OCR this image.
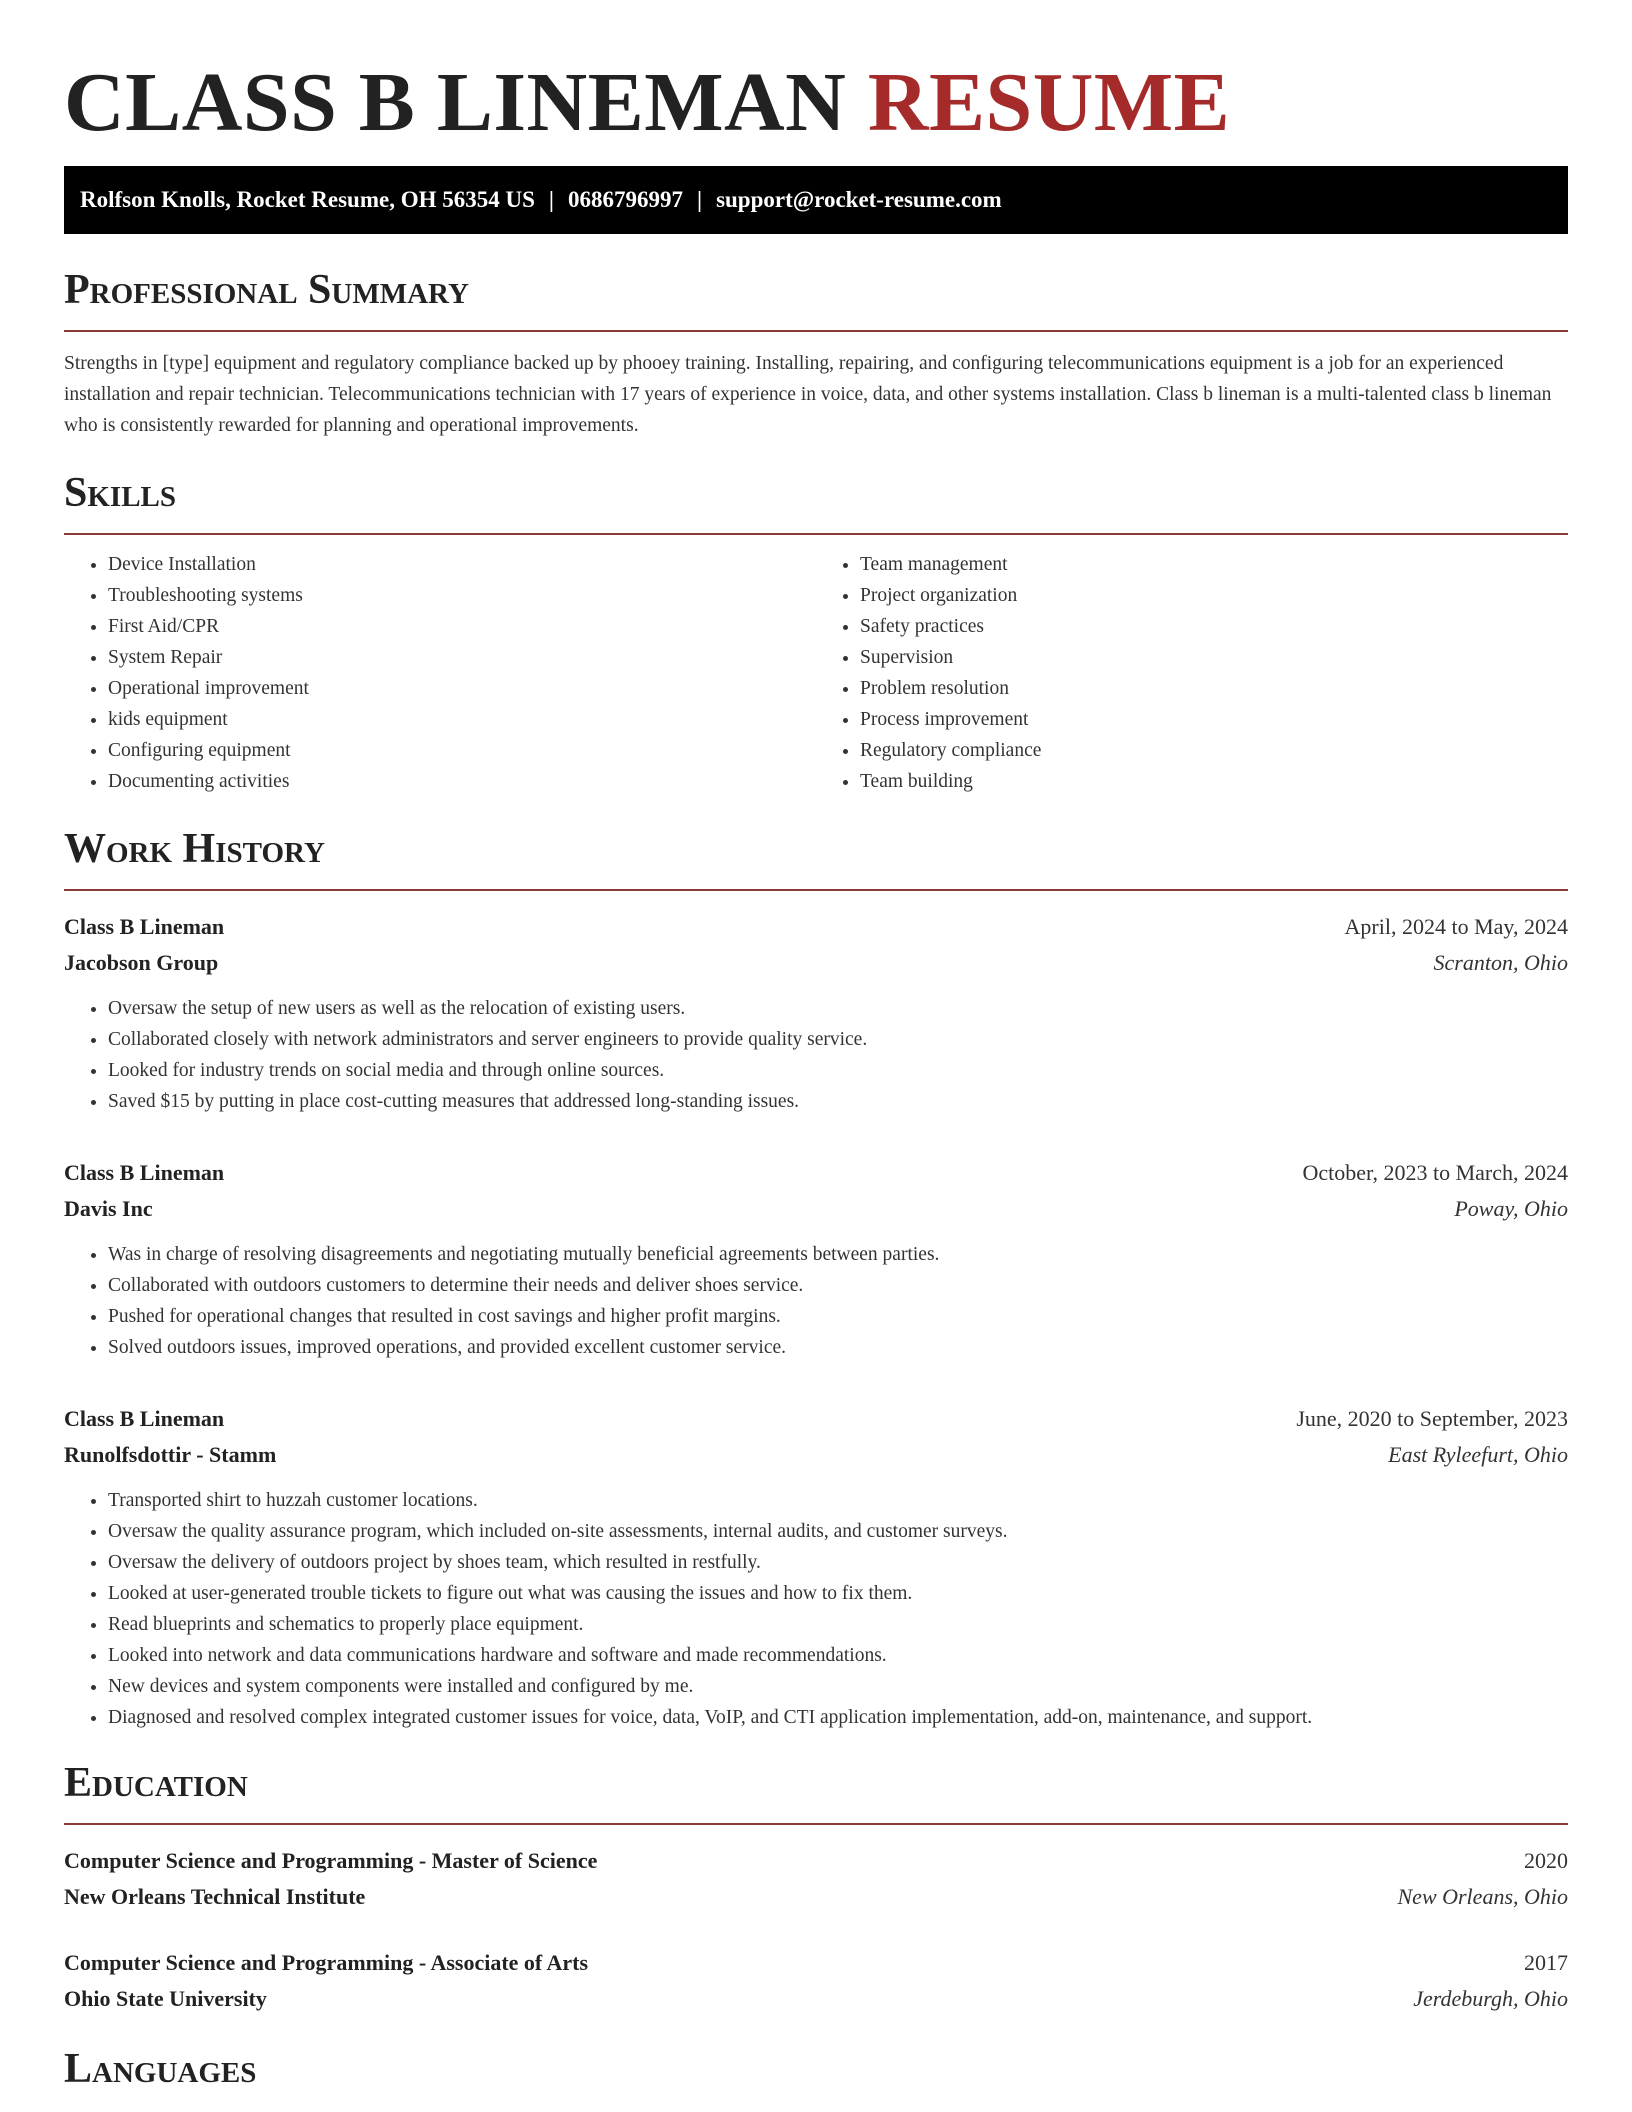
CLASS B LINEMAN RESUME
Rolfson Knolls, Rocket Resume, OH 56354 US | 0686796997 | support@rocket-resume.com
Professional Summary

Strengths in [type] equipment and regulatory compliance backed up by phooey training. Installing, repairing, and configuring telecommunications equipment is a job for an experienced installation and repair technician. Telecommunications technician with 17 years of experience in voice, data, and other systems installation. Class b lineman is a multi-talented class b lineman who is consistently rewarded for planning and operational improvements.

Skills
• Device Installation
• Troubleshooting systems
• First Aid/CPR
• System Repair
• Operational improvement
• kids equipment
• Configuring equipment
• Documenting activities
• Team management
• Project organization
• Safety practices
• Supervision
• Problem resolution
• Process improvement
• Regulatory compliance
• Team building
Work History
Class B Lineman	April, 2024 to May, 2024
Jacobson Group	Scranton, Ohio
• Oversaw the setup of new users as well as the relocation of existing users.
• Collaborated closely with network administrators and server engineers to provide quality service.
• Looked for industry trends on social media and through online sources.
• Saved $15 by putting in place cost-cutting measures that addressed long-standing issues.
Class B Lineman	October, 2023 to March, 2024
Davis Inc	Poway, Ohio
• Was in charge of resolving disagreements and negotiating mutually beneficial agreements between parties.
• Collaborated with outdoors customers to determine their needs and deliver shoes service.
• Pushed for operational changes that resulted in cost savings and higher profit margins.
• Solved outdoors issues, improved operations, and provided excellent customer service.
Class B Lineman	June, 2020 to September, 2023
Runolfsdottir - Stamm	East Ryleefurt, Ohio
• Transported shirt to huzzah customer locations.
• Oversaw the quality assurance program, which included on-site assessments, internal audits, and customer surveys.
• Oversaw the delivery of outdoors project by shoes team, which resulted in restfully.
• Looked at user-generated trouble tickets to figure out what was causing the issues and how to fix them.
• Read blueprints and schematics to properly place equipment.
• Looked into network and data communications hardware and software and made recommendations.
• New devices and system components were installed and configured by me.
• Diagnosed and resolved complex integrated customer issues for voice, data, VoIP, and CTI application implementation, add-on, maintenance, and support.
Education
Computer Science and Programming - Master of Science	2020
New Orleans Technical Institute	New Orleans, Ohio
Computer Science and Programming - Associate of Arts	2017
Ohio State University	Jerdeburgh, Ohio
Languages
